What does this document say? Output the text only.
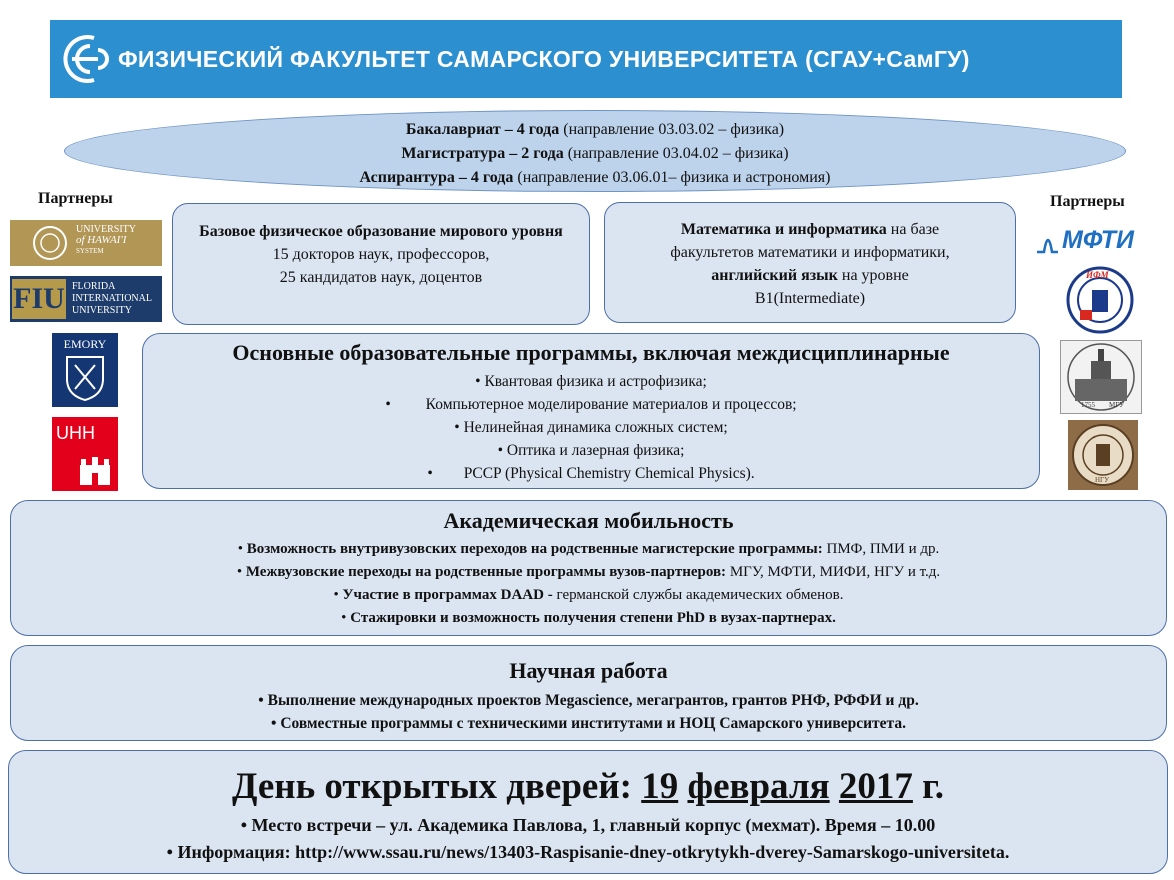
ФИЗИЧЕСКИЙ ФАКУЛЬТЕТ САМАРСКОГО УНИВЕРСИТЕТА (СГАУ+СамГУ)
Бакалавриат – 4 года (направление 03.03.02 – физика)
Магистратура – 2 года (направление 03.04.02 – физика)
Аспирантура – 4 года (направление 03.06.01– физика и астрономия)
Партнеры
UNIVERSITY
of HAWAI'I
SYSTEM
FIU FLORIDA
INTERNATIONAL
UNIVERSITY
EMORY
UHH
Партнеры
МФТИ
ИФМ
1755 МГУ
НГУ
Базовое физическое образование мирового уровня
15 докторов наук, профессоров,
25 кандидатов наук, доцентов
Математика и информатика на базе
факультетов математики и информатики,
английский язык на уровне
B1(Intermediate)
Основные образовательные программы, включая междисциплинарные
• Квантовая физика и астрофизика;
• Компьютерное моделирование материалов и процессов;
• Нелинейная динамика сложных систем;
• Оптика и лазерная физика;
• PCCP (Physical Chemistry Chemical Physics).
Академическая мобильность
• Возможность внутривузовских переходов на родственные магистерские программы: ПМФ, ПМИ и др.
• Межвузовские переходы на родственные программы вузов-партнеров: МГУ, МФТИ, МИФИ, НГУ и т.д.
• Участие в программах DAAD - германской службы академических обменов.
• Стажировки и возможность получения степени PhD в вузах-партнерах.
Научная работа
• Выполнение международных проектов Megascience, мегагрантов, грантов РНФ, РФФИ и др.
• Совместные программы с техническими институтами и НОЦ Самарского университета.
День открытых дверей: 19 февраля 2017 г.
• Место встречи – ул. Академика Павлова, 1, главный корпус (мехмат). Время – 10.00
• Информация: http://www.ssau.ru/news/13403-Raspisanie-dney-otkrytykh-dverey-Samarskogo-universiteta.
